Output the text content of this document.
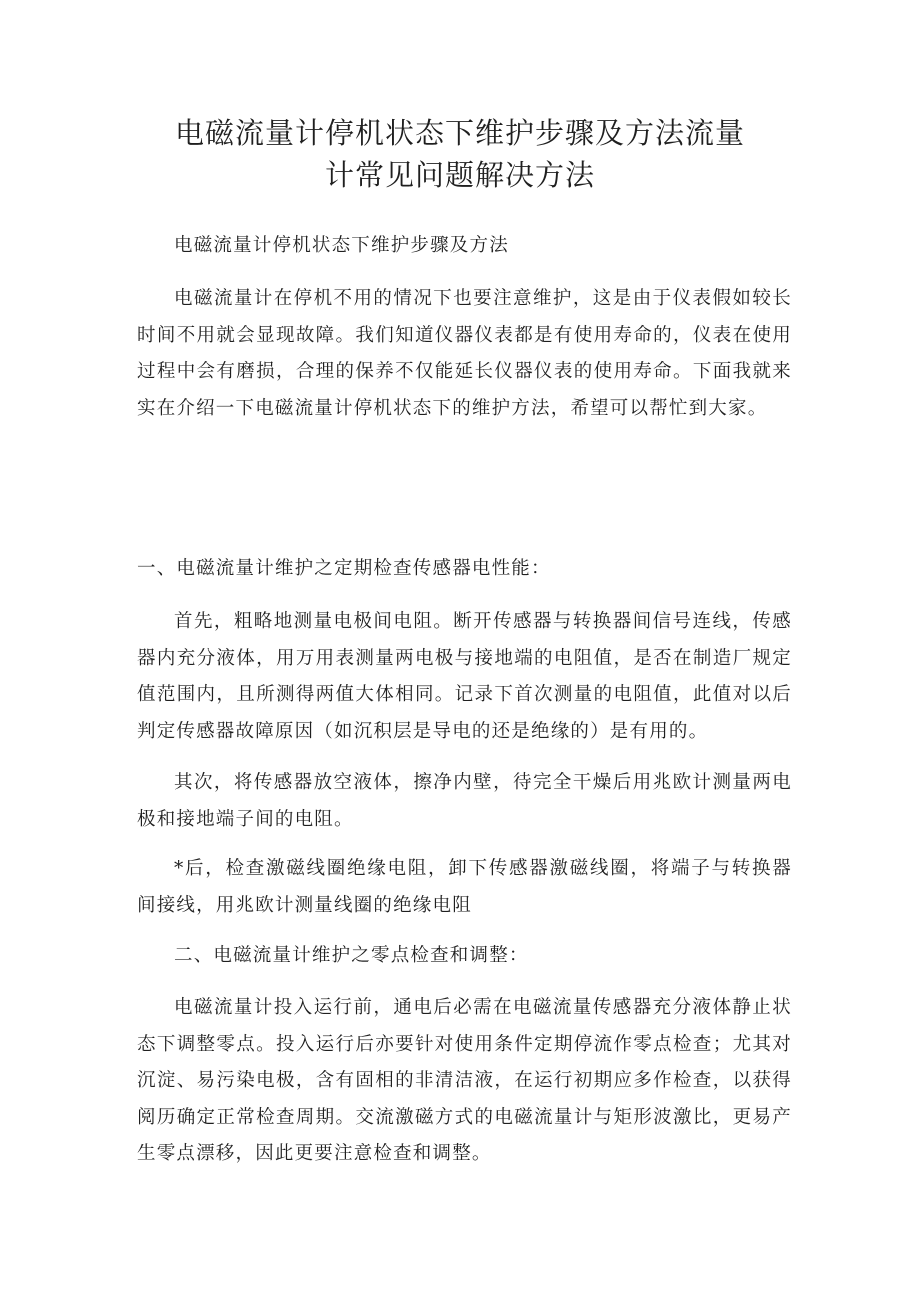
电磁流量计停机状态下维护步骤及方法流量
计常见问题解决方法

电磁流量计停机状态下维护步骤及方法

电磁流量计在停机不用的情况下也要注意维护，这是由于仪表假如较长时间不用就会显现故障。我们知道仪器仪表都是有使用寿命的，仪表在使用过程中会有磨损，合理的保养不仅能延长仪器仪表的使用寿命。下面我就来实在介绍一下电磁流量计停机状态下的维护方法，希望可以帮忙到大家。

一、电磁流量计维护之定期检查传感器电性能：

首先，粗略地测量电极间电阻。断开传感器与转换器间信号连线，传感器内充分液体，用万用表测量两电极与接地端的电阻值，是否在制造厂规定值范围内，且所测得两值大体相同。记录下首次测量的电阻值，此值对以后判定传感器故障原因（如沉积层是导电的还是绝缘的）是有用的。

其次，将传感器放空液体，擦净内壁，待完全干燥后用兆欧计测量两电极和接地端子间的电阻。

*后，检查激磁线圈绝缘电阻，卸下传感器激磁线圈，将端子与转换器间接线，用兆欧计测量线圈的绝缘电阻

二、电磁流量计维护之零点检查和调整：

电磁流量计投入运行前，通电后必需在电磁流量传感器充分液体静止状态下调整零点。投入运行后亦要针对使用条件定期停流作零点检查；尤其对沉淀、易污染电极，含有固相的非清洁液，在运行初期应多作检查，以获得阅历确定正常检查周期。交流激磁方式的电磁流量计与矩形波激比，更易产生零点漂移，因此更要注意检查和调整。
